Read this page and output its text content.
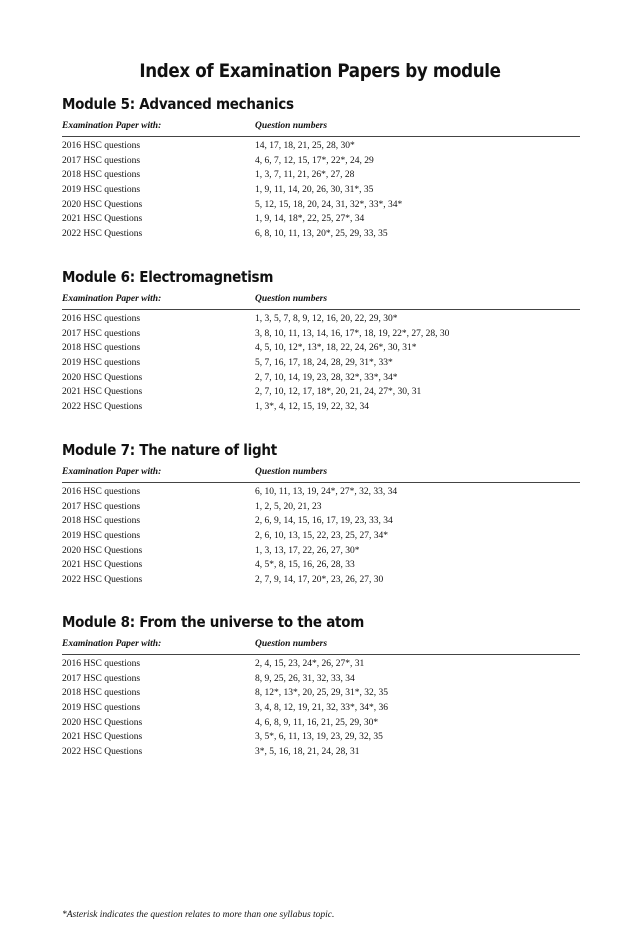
Index of Examination Papers by module
Module 5: Advanced mechanics
Examination Paper with:	Question numbers
2016 HSC questions	14, 17, 18, 21, 25, 28, 30*
2017 HSC questions	4, 6, 7, 12, 15, 17*, 22*, 24, 29
2018 HSC questions	1, 3, 7, 11, 21, 26*, 27, 28
2019 HSC questions	1, 9, 11, 14, 20, 26, 30, 31*, 35
2020 HSC Questions	5, 12, 15, 18, 20, 24, 31, 32*, 33*, 34*
2021 HSC Questions	1, 9, 14, 18*, 22, 25, 27*, 34
2022 HSC Questions	6, 8, 10, 11, 13, 20*, 25, 29, 33, 35
Module 6: Electromagnetism
Examination Paper with:	Question numbers
2016 HSC questions	1, 3, 5, 7, 8, 9, 12, 16, 20, 22, 29, 30*
2017 HSC questions	3, 8, 10, 11, 13, 14, 16, 17*, 18, 19, 22*, 27, 28, 30
2018 HSC questions	4, 5, 10, 12*, 13*, 18, 22, 24, 26*, 30, 31*
2019 HSC questions	5, 7, 16, 17, 18, 24, 28, 29, 31*, 33*
2020 HSC Questions	2, 7, 10, 14, 19, 23, 28, 32*, 33*, 34*
2021 HSC Questions	2, 7, 10, 12, 17, 18*, 20, 21, 24, 27*, 30, 31
2022 HSC Questions	1, 3*, 4, 12, 15, 19, 22, 32, 34
Module 7: The nature of light
Examination Paper with:	Question numbers
2016 HSC questions	6, 10, 11, 13, 19, 24*, 27*, 32, 33, 34
2017 HSC questions	1, 2, 5, 20, 21, 23
2018 HSC questions	2, 6, 9, 14, 15, 16, 17, 19, 23, 33, 34
2019 HSC questions	2, 6, 10, 13, 15, 22, 23, 25, 27, 34*
2020 HSC Questions	1, 3, 13, 17, 22, 26, 27, 30*
2021 HSC Questions	4, 5*, 8, 15, 16, 26, 28, 33
2022 HSC Questions	2, 7, 9, 14, 17, 20*, 23, 26, 27, 30
Module 8: From the universe to the atom
Examination Paper with:	Question numbers
2016 HSC questions	2, 4, 15, 23, 24*, 26, 27*, 31
2017 HSC questions	8, 9, 25, 26, 31, 32, 33, 34
2018 HSC questions	8, 12*, 13*, 20, 25, 29, 31*, 32, 35
2019 HSC questions	3, 4, 8, 12, 19, 21, 32, 33*, 34*, 36
2020 HSC Questions	4, 6, 8, 9, 11, 16, 21, 25, 29, 30*
2021 HSC Questions	3, 5*, 6, 11, 13, 19, 23, 29, 32, 35
2022 HSC Questions	3*, 5, 16, 18, 21, 24, 28, 31

*Asterisk indicates the question relates to more than one syllabus topic.
